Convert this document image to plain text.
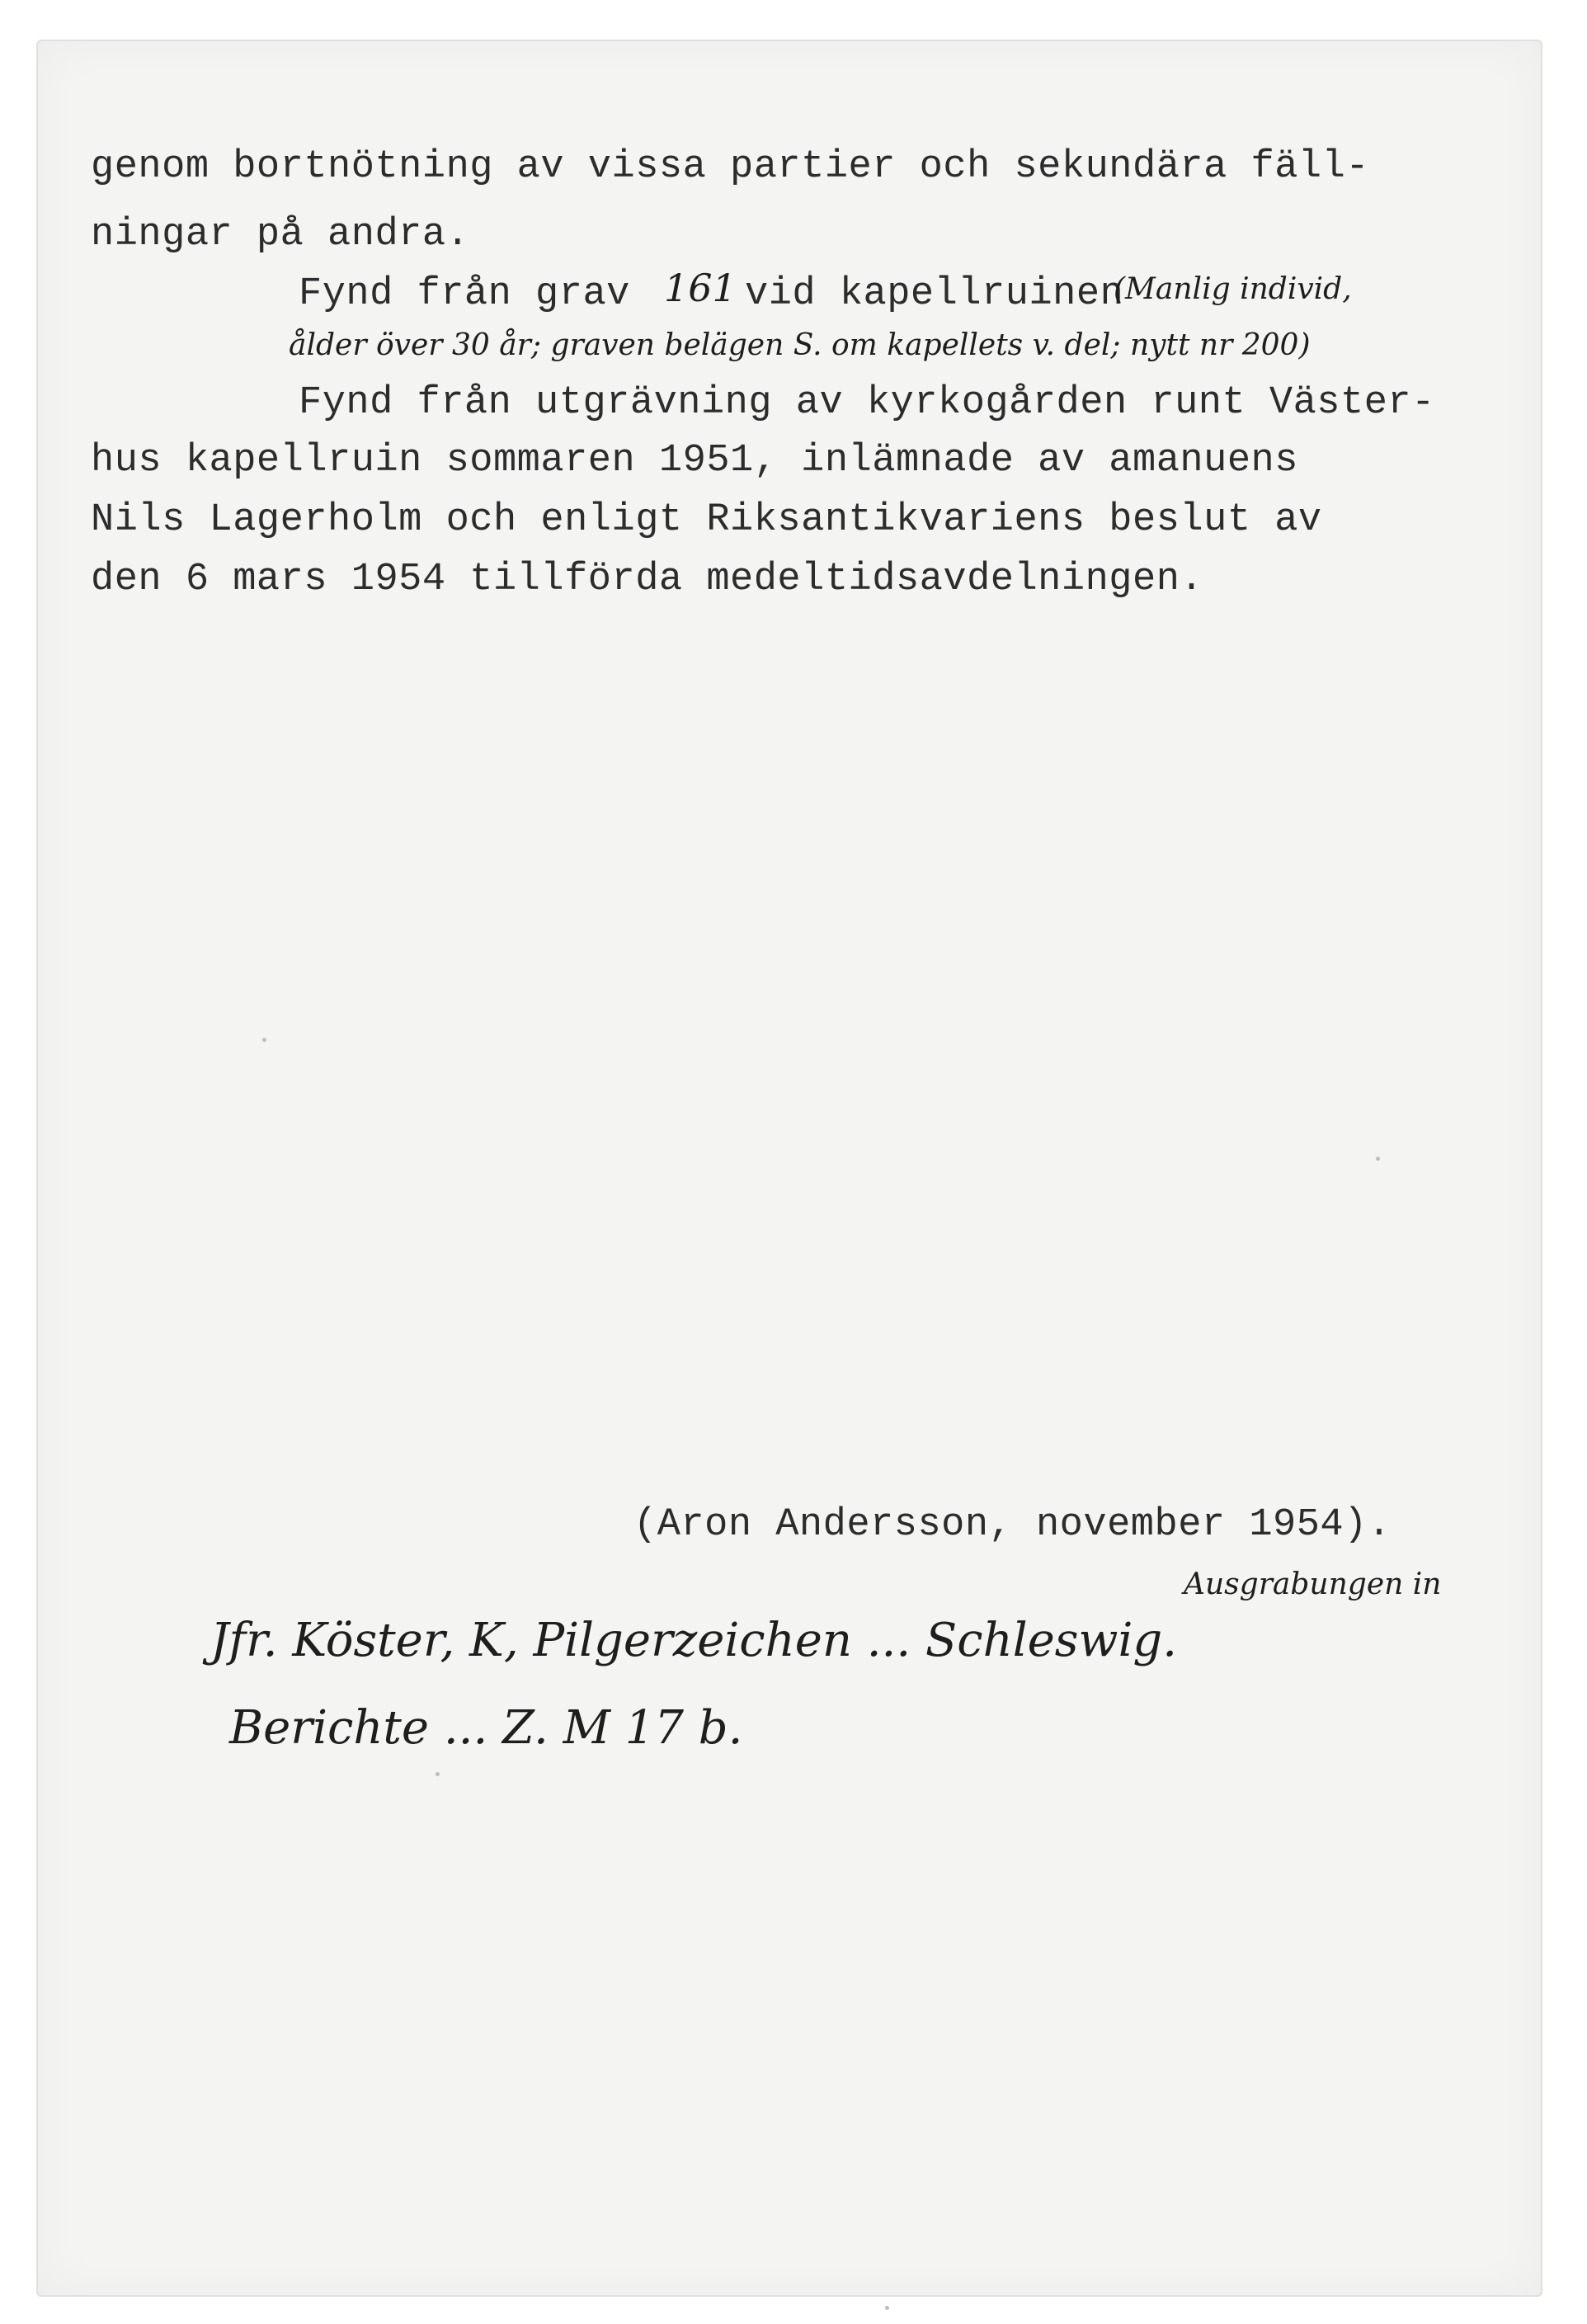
genom bortnötning av vissa partier och sekundära fäll-

ningar på andra.

Fynd från grav 161 vid kapellruinen

(Manlig individ,

ålder över 30 år; graven belägen S. om kapellets v. del; nytt nr 200)

Fynd från utgrävning av kyrkogården runt Väster-

hus kapellruin sommaren 1951, inlämnade av amanuens

Nils Lagerholm och enligt Riksantikvariens beslut av

den 6 mars 1954 tillförda medeltidsavdelningen.

(Aron Andersson, november 1954).

Ausgrabungen in

Jfr. Köster, K, Pilgerzeichen ... Schleswig.

Berichte ... Z. M 17 b.
